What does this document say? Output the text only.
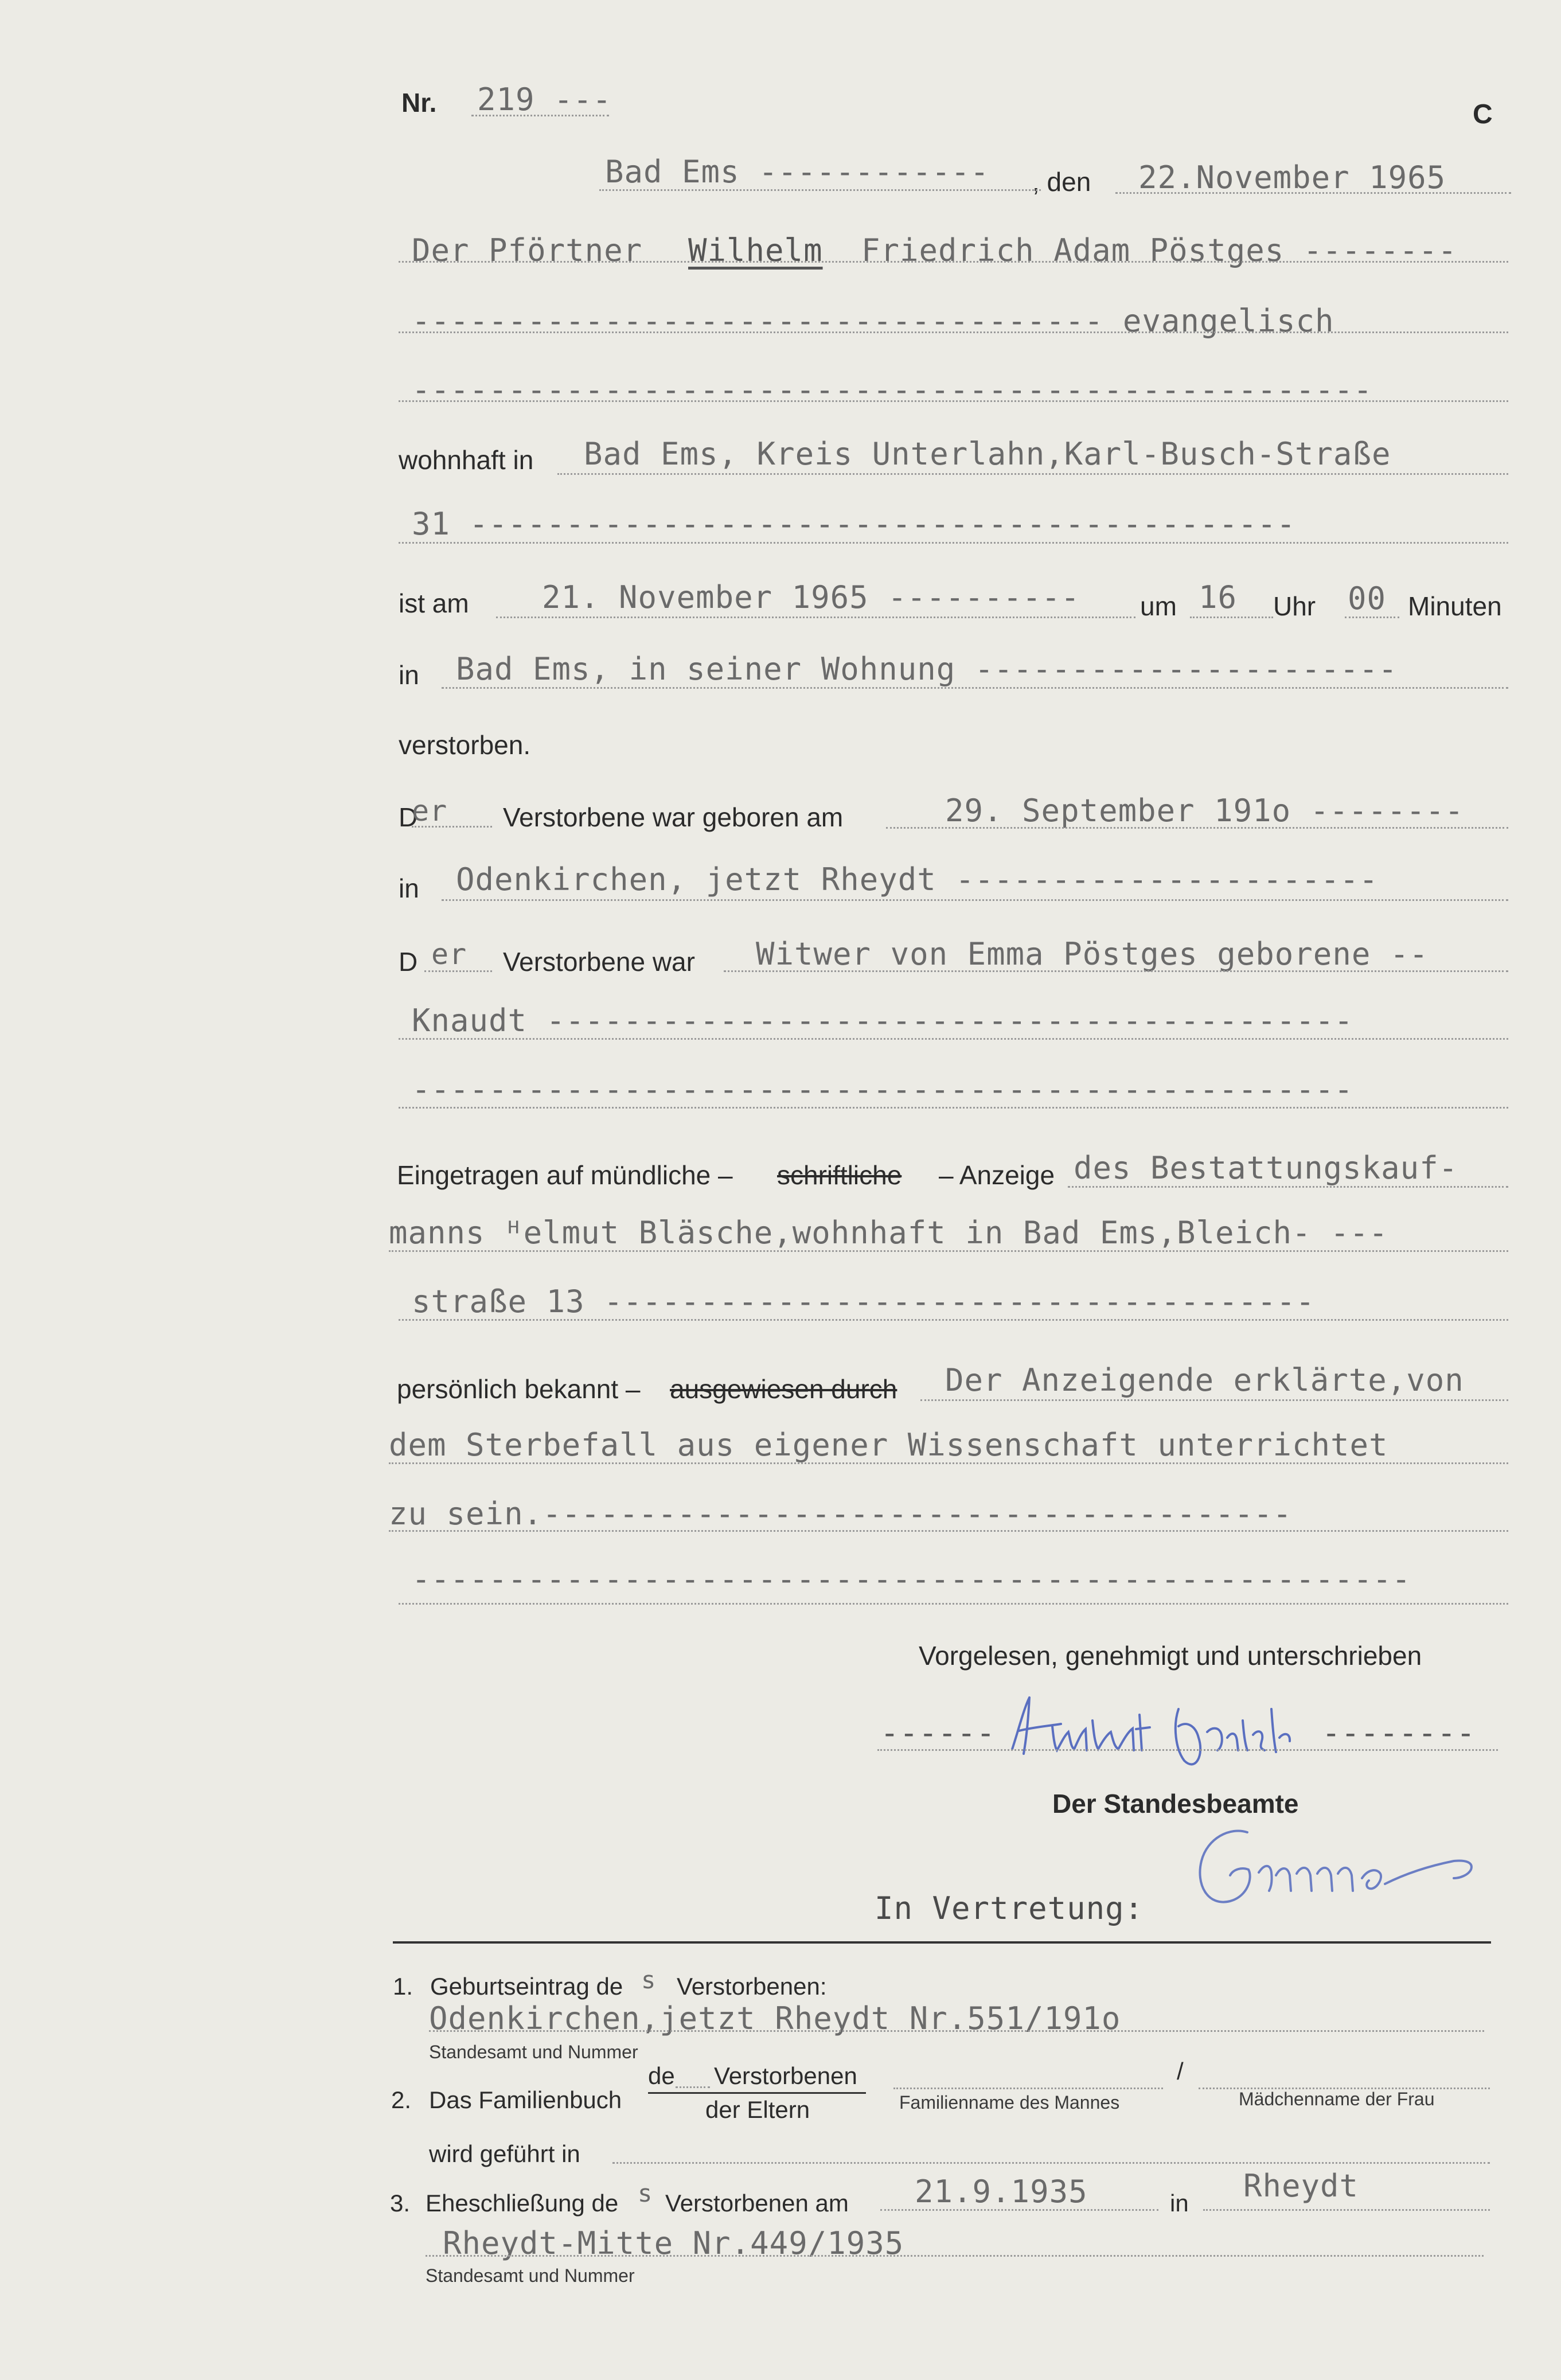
Nr. 219 ---	C
Bad Ems ------------ , den 22.November 1965
Der Pförtner Wilhelm Friedrich Adam Pöstges --------
------------------------------------ evangelisch
--------------------------------------------------
wohnhaft in Bad Ems, Kreis Unterlahn,Karl-Busch-Straße
31 -------------------------------------------
ist am 21. November 1965 ---------- um 16 Uhr 00 Minuten
in Bad Ems, in seiner Wohnung ----------------------
verstorben.
D
er Verstorbene war geboren am	29. September 191o --------
in Odenkirchen, jetzt Rheydt ----------------------
D er Verstorbene war Witwer von Emma Pöstges geborene --
Knaudt ------------------------------------------
-------------------------------------------------
Eingetragen auf mündliche – schriftliche – Anzeige des Bestattungskauf-
manns ᴴelmut Bläsche,wohnhaft in Bad Ems,Bleich- ---
straße 13 -------------------------------------
persönlich bekannt – ausgewiesen durch Der Anzeigende erklärte,von
dem Sterbefall aus eigener Wissenschaft unterrichtet
zu sein.---------------------------------------
----------------------------------------------------
Vorgelesen, genehmigt und unterschrieben
------	--------
Der Standesbeamte
In Vertretung:
1. Geburtseintrag de s Verstorbenen:
Odenkirchen,jetzt Rheydt Nr.551/191o
Standesamt und Nummer
2. Das Familienbuch
de Verstorbenen
der Eltern	Familienname des Mannes
/
Mädchenname der Frau
wird geführt in
3. Eheschließung de s Verstorbenen am 21.9.1935	in Rheydt
Rheydt-Mitte Nr.449/1935
Standesamt und Nummer
